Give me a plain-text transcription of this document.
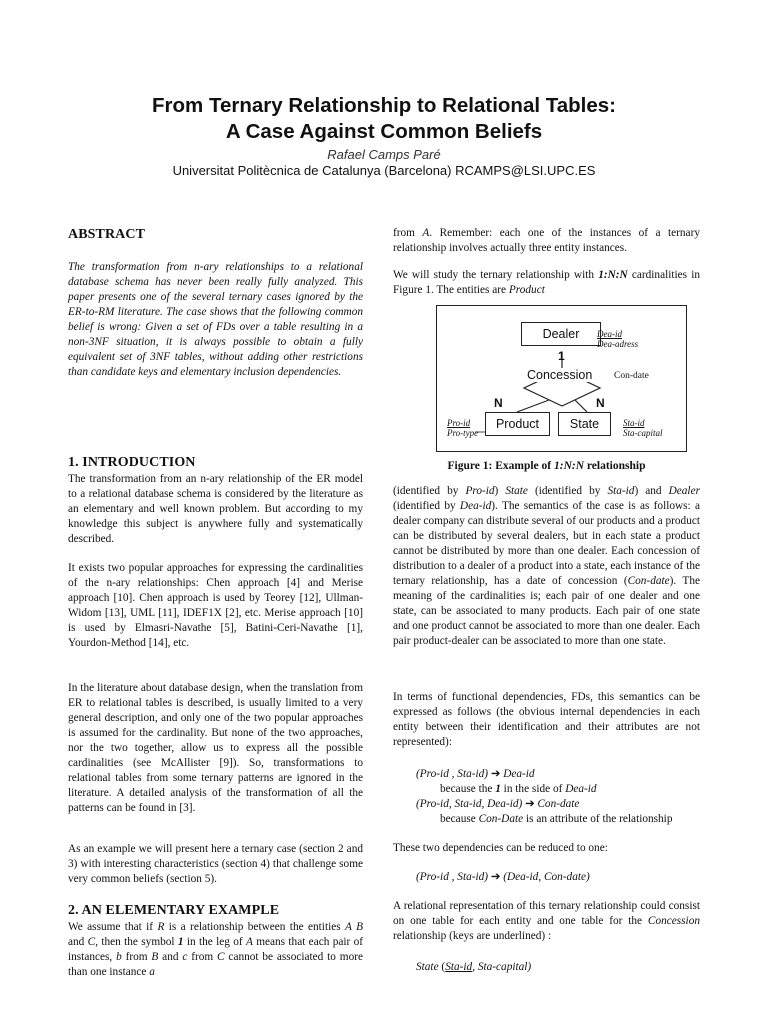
From Ternary Relationship to Relational Tables:
A Case Against Common Beliefs
Rafael Camps Paré
Universitat Politècnica de Catalunya (Barcelona) RCAMPS@LSI.UPC.ES
ABSTRACT
The transformation from n-ary relationships to a relational database schema has never been really fully analyzed. This paper presents one of the several ternary cases ignored by the ER-to-RM literature. The case shows that the following common belief is wrong: Given a set of FDs over a table resulting in a non-3NF situation, it is always possible to obtain a fully equivalent set of 3NF tables, without adding other restrictions than candidate keys and elementary inclusion dependencies.
1. INTRODUCTION
The transformation from an n-ary relationship of the ER model to a relational database schema is considered by the literature as an elementary and well known problem. But according to my knowledge this subject is anywhere fully and systematically described.
It exists two popular approaches for expressing the cardinalities of the n-ary relationships: Chen approach [4] and Merise approach [10]. Chen approach is used by Teorey [12], Ullman-Widom [13], UML [11], IDEF1X [2], etc. Merise approach [10] is used by Elmasri-Navathe [5], Batini-Ceri-Navathe [1], Yourdon-Method [14], etc.
In the literature about database design, when the translation from ER to relational tables is described, is usually limited to a very general description, and only one of the two popular approaches is assumed for the cardinality. But none of the two approaches, nor the two together, allow us to express all the possible cardinalities (see McAllister [9]). So, transformations to relational tables from some ternary patterns are ignored in the literature. A detailed analysis of the transformation of all the patterns can be found in [3].
As an example we will present here a ternary case (section 2 and 3) with interesting characteristics (section 4) that challenge some very common beliefs (section 5).
2. AN ELEMENTARY EXAMPLE
We assume that if R is a relationship between the entities A B and C, then the symbol 1 in the leg of A means that each pair of instances, b from B and c from C cannot be associated to more than one instance a
from A. Remember: each one of the instances of a ternary relationship involves actually three entity instances.
We will study the ternary relationship with 1:N:N cardinalities in Figure 1. The entities are Product
Dealer	Dea-id
Dea-adress
1
Concession Con-date
N	N
Product
Pro-id
Pro-type
State	Sta-id
Sta-capital
Figure 1: Example of 1:N:N relationship
(identified by Pro-id) State (identified by Sta-id) and Dealer (identified by Dea-id). The semantics of the case is as follows: a dealer company can distribute several of our products and a product can be distributed by several dealers, but in each state a product cannot be distributed by more than one dealer. Each concession of distribution to a dealer of a product into a state, each instance of the ternary relationship, has a date of concession (Con-date). The meaning of the cardinalities is; each pair of one dealer and one state, can be associated to many products. Each pair of one state and one product cannot be associated to more than one dealer. Each pair product-dealer can be associated to more than one state.
In terms of functional dependencies, FDs, this semantics can be expressed as follows (the obvious internal dependencies in each entity between their identification and their attributes are not represented):
(Pro-id , Sta-id) ➔ Dea-id
because the 1 in the side of Dea-id
(Pro-id, Sta-id, Dea-id) ➔ Con-date
because Con-Date is an attribute of the relationship
These two dependencies can be reduced to one:
(Pro-id , Sta-id) ➔ (Dea-id, Con-date)
A relational representation of this ternary relationship could consist on one table for each entity and one table for the Concession relationship (keys are underlined) :
State (Sta-id, Sta-capital)
